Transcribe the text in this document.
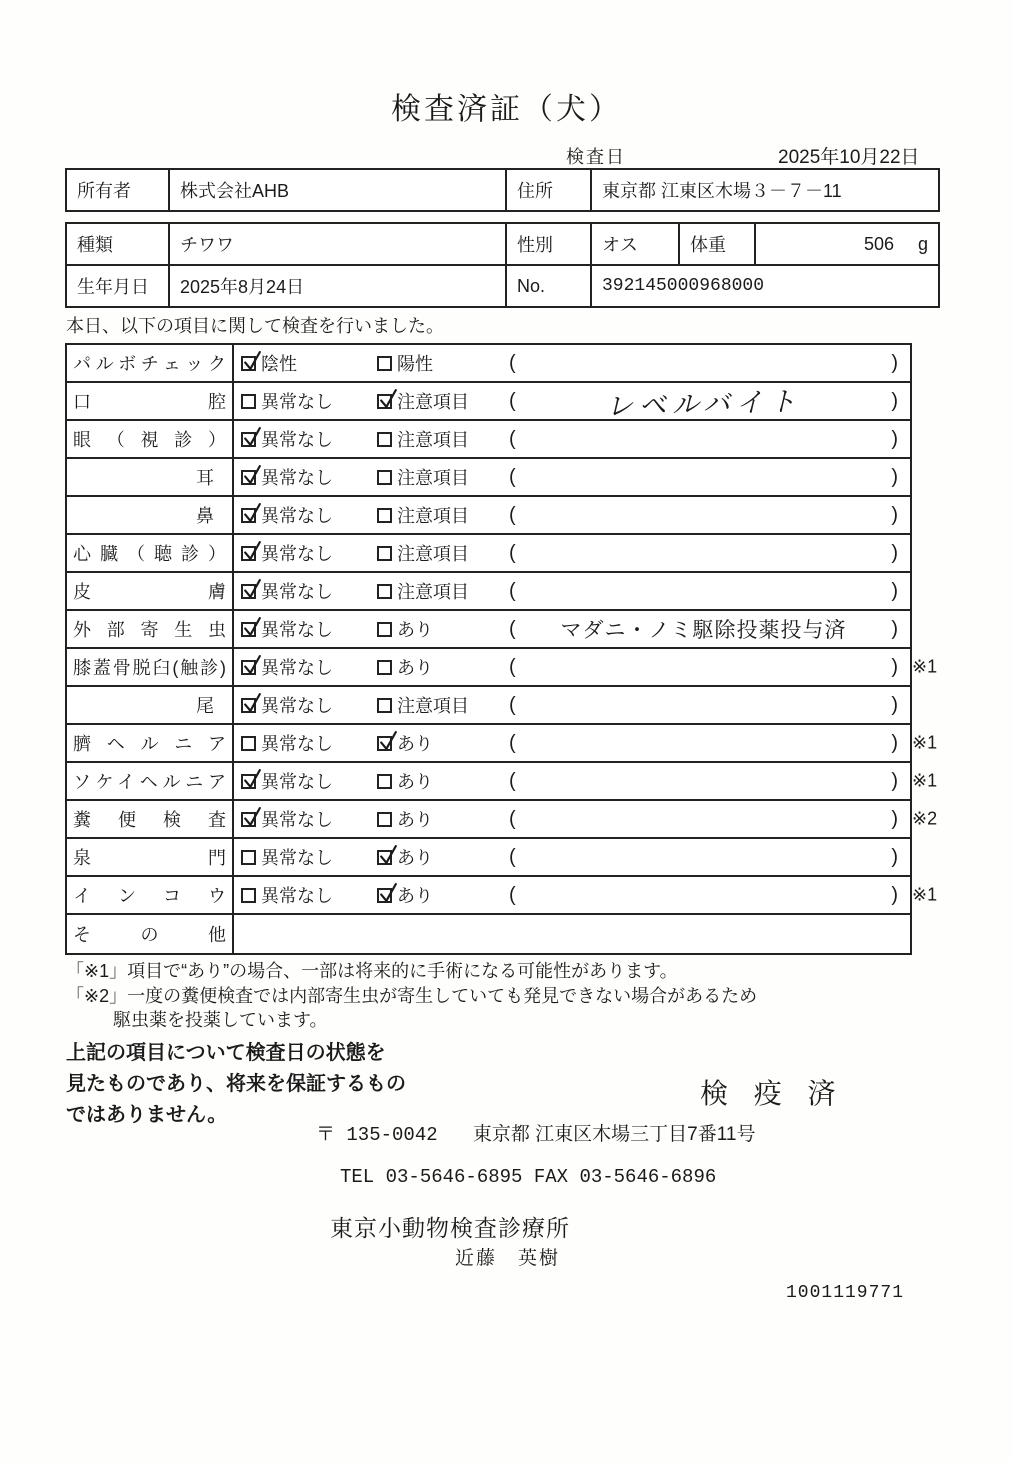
検査済証（犬）
検査日	2025年10月22日
所有者	株式会社AHB	住所	東京都 江東区木場３－７－11
種類	チワワ	性別	オス	体重	506 g
生年月日	2025年8月24日	No.	392145000968000
本日、以下の項目に関して検査を行いました。
パルボチェック 陰性	陽性	(	)
口腔 異常なし	注意項目 (	レベルバイト	)
眼（視診） 異常なし	注意項目 (	)
耳	異常なし	注意項目 (	)
鼻	異常なし	注意項目 (	)
心臓（聴診） 異常なし	注意項目 (	)
皮膚 異常なし	注意項目 (	)
外部寄生虫 異常なし	あり	(	マダニ・ノミ駆除投薬投与済	)
膝蓋骨脱臼(触診) 異常なし	あり	(	) ※1
尾	異常なし	注意項目 (	)
臍ヘルニア 異常なし	あり	(	) ※1
ソケイヘルニア 異常なし	あり	(	) ※1
糞便検査 異常なし	あり	(	) ※2
泉門 異常なし	あり	(	)
インコウ 異常なし	あり	(	) ※1
その他
「※1」項目で“あり”の場合、一部は将来的に手術になる可能性があります。
「※2」一度の糞便検査では内部寄生虫が寄生していても発見できない場合があるため
駆虫薬を投薬しています。
上記の項目について検査日の状態を
見たものであり、将来を保証するもの
ではありません。
検 疫 済
〒 135-0042 東京都 江東区木場三丁目7番11号
TEL 03-5646-6895 FAX 03-5646-6896
東京小動物検査診療所
近藤　英樹
1001119771
